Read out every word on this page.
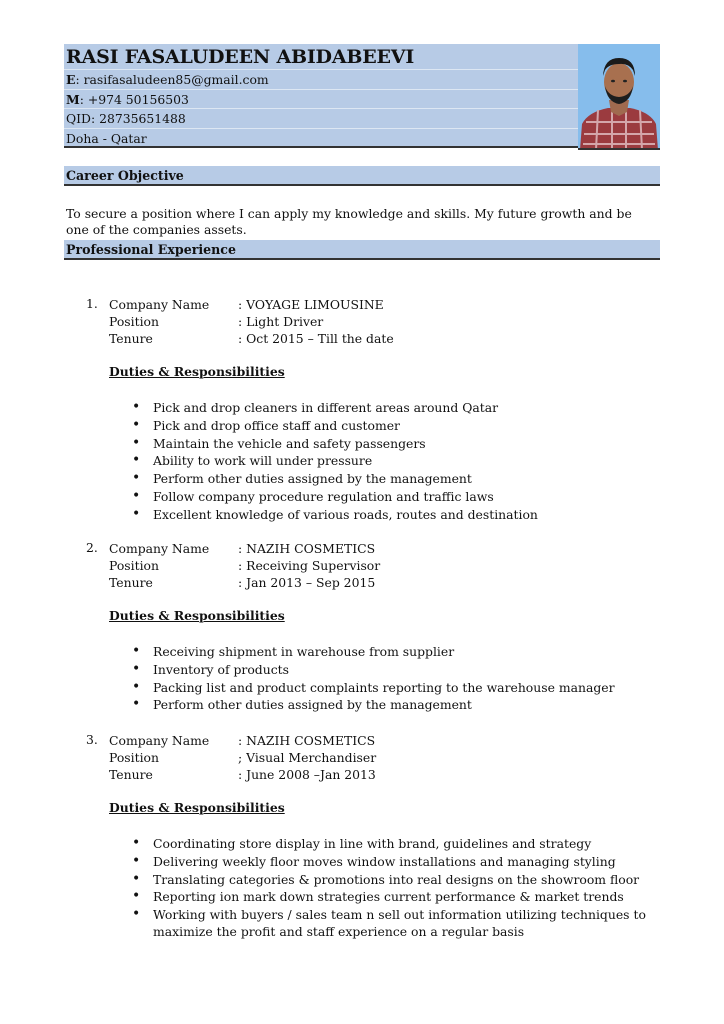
RASI FASALUDEEN ABIDABEEVI
E: rasifasaludeen85@gmail.com
M: +974 50156503
QID: 28735651488
Doha - Qatar
Career Objective
To secure a position where I can apply my knowledge and skills. My future growth and be one of the companies assets.
Professional Experience
1. Company Name : VOYAGE LIMOUSINE
Position	: Light Driver
Tenure	: Oct 2015 – Till the date
Duties & Responsibilities
• Pick and drop cleaners in different areas around Qatar
• Pick and drop office staff and customer
• Maintain the vehicle and safety passengers
• Ability to work will under pressure
• Perform other duties assigned by the management
• Follow company procedure regulation and traffic laws
• Excellent knowledge of various roads, routes and destination
2. Company Name : NAZIH COSMETICS
Position	: Receiving Supervisor
Tenure	: Jan 2013 – Sep 2015
Duties & Responsibilities
• Receiving shipment in warehouse from supplier
• Inventory of products
• Packing list and product complaints reporting to the warehouse manager
• Perform other duties assigned by the management
3. Company Name : NAZIH COSMETICS
Position	; Visual Merchandiser
Tenure	: June 2008 –Jan 2013
Duties & Responsibilities
• Coordinating store display in line with brand, guidelines and strategy
• Delivering weekly floor moves window installations and managing styling
• Translating categories & promotions into real designs on the showroom floor
• Reporting ion mark down strategies current performance & market trends
• Working with buyers / sales team n sell out information utilizing techniques to maximize the profit and staff experience on a regular basis
